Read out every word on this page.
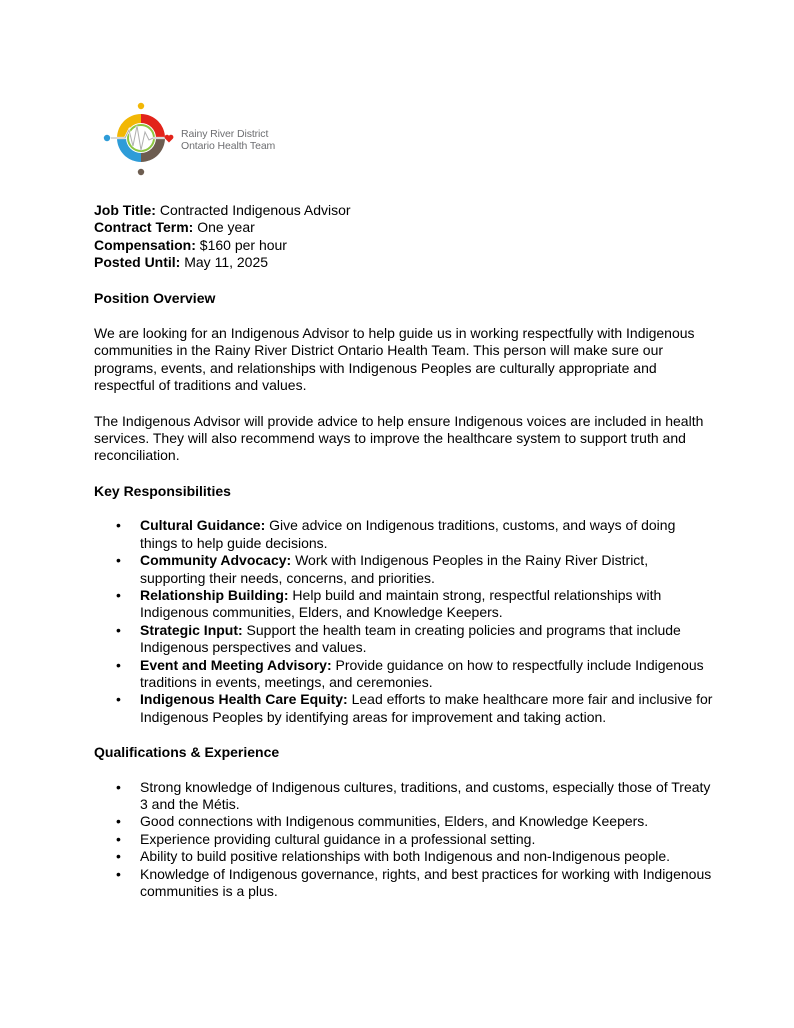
Rainy River District
Ontario Health Team
Job Title: Contracted Indigenous Advisor
Contract Term: One year
Compensation: $160 per hour
Posted Until: May 11, 2025
Position Overview

We are looking for an Indigenous Advisor to help guide us in working respectfully with Indigenous communities in the Rainy River District Ontario Health Team. This person will make sure our programs, events, and relationships with Indigenous Peoples are culturally appropriate and respectful of traditions and values.

The Indigenous Advisor will provide advice to help ensure Indigenous voices are included in health services. They will also recommend ways to improve the healthcare system to support truth and reconciliation.

Key Responsibilities
• Cultural Guidance: Give advice on Indigenous traditions, customs, and ways of doing things to help guide decisions.
• Community Advocacy: Work with Indigenous Peoples in the Rainy River District, supporting their needs, concerns, and priorities.
• Relationship Building: Help build and maintain strong, respectful relationships with Indigenous communities, Elders, and Knowledge Keepers.
• Strategic Input: Support the health team in creating policies and programs that include Indigenous perspectives and values.
• Event and Meeting Advisory: Provide guidance on how to respectfully include Indigenous traditions in events, meetings, and ceremonies.
• Indigenous Health Care Equity: Lead efforts to make healthcare more fair and inclusive for Indigenous Peoples by identifying areas for improvement and taking action.
Qualifications & Experience
• Strong knowledge of Indigenous cultures, traditions, and customs, especially those of Treaty 3 and the Métis.
• Good connections with Indigenous communities, Elders, and Knowledge Keepers.
• Experience providing cultural guidance in a professional setting.
• Ability to build positive relationships with both Indigenous and non-Indigenous people.
• Knowledge of Indigenous governance, rights, and best practices for working with Indigenous communities is a plus.
